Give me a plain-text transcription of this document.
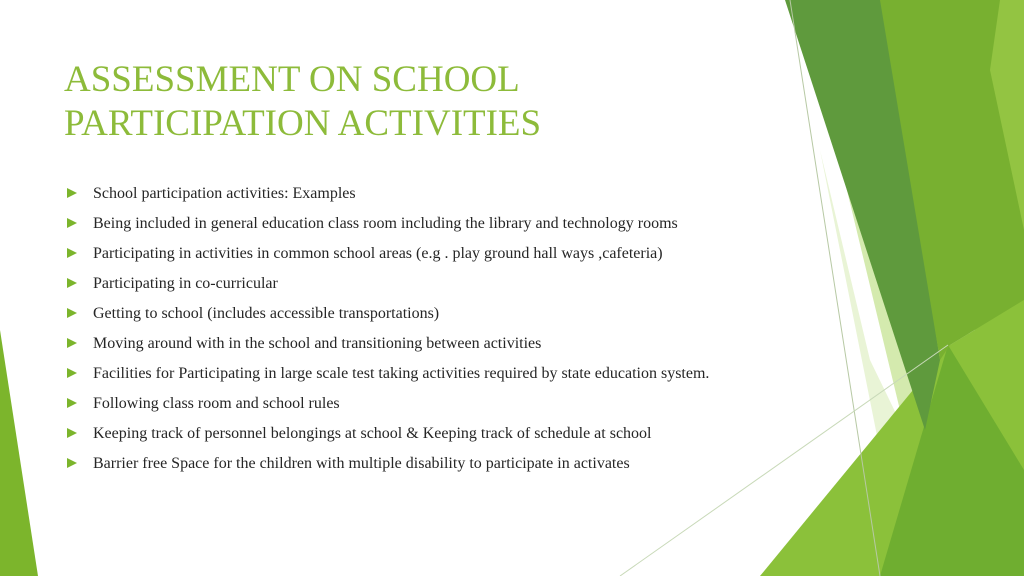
ASSESSMENT ON SCHOOL
PARTICIPATION ACTIVITIES
School participation activities: Examples
Being included in general education class room including the library and technology rooms
Participating in activities in common school areas (e.g . play ground hall ways ,cafeteria)
Participating in co-curricular
Getting to school (includes accessible transportations)
Moving around with in the school and transitioning between activities
Facilities for Participating in large scale test taking activities required by state education system.
Following class room and school rules
Keeping track of personnel belongings at school & Keeping track of schedule at school
Barrier free Space for the children with multiple disability to participate in activates
